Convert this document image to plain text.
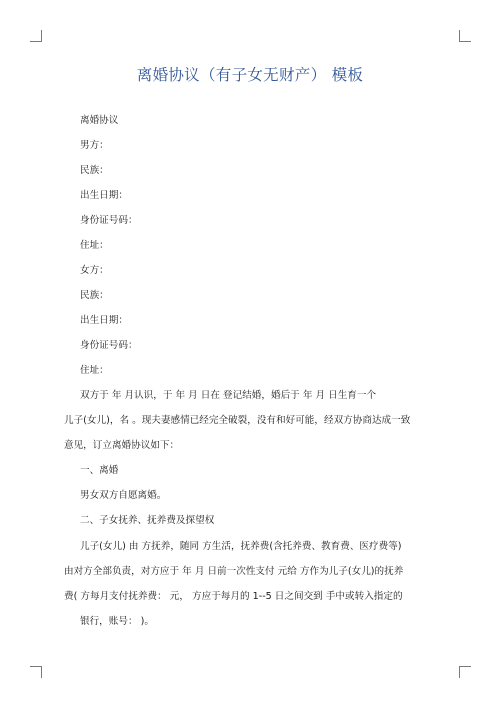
离婚协议（有子女无财产） 模板
离婚协议
男方：
民族：
出生日期：
身份证号码：
住址：
女方：
民族：
出生日期：
身份证号码：
住址：
双方于 年 月认识，于 年 月 日在 登记结婚，婚后于 年 月 日生育一个
儿子(女儿)，名 。现夫妻感情已经完全破裂，没有和好可能，经双方协商达成一致
意见，订立离婚协议如下：
一、离婚
男女双方自愿离婚。
二、子女抚养、抚养费及探望权
儿子(女儿) 由 方抚养，随同 方生活，抚养费(含托养费、教育费、医疗费等)
由对方全部负责，对方应于 年 月 日前一次性支付 元给 方作为儿子(女儿)的抚养
费( 方每月支付抚养费： 元， 方应于每月的 1--5 日之间交到 手中或转入指定的
银行，账号： )。
